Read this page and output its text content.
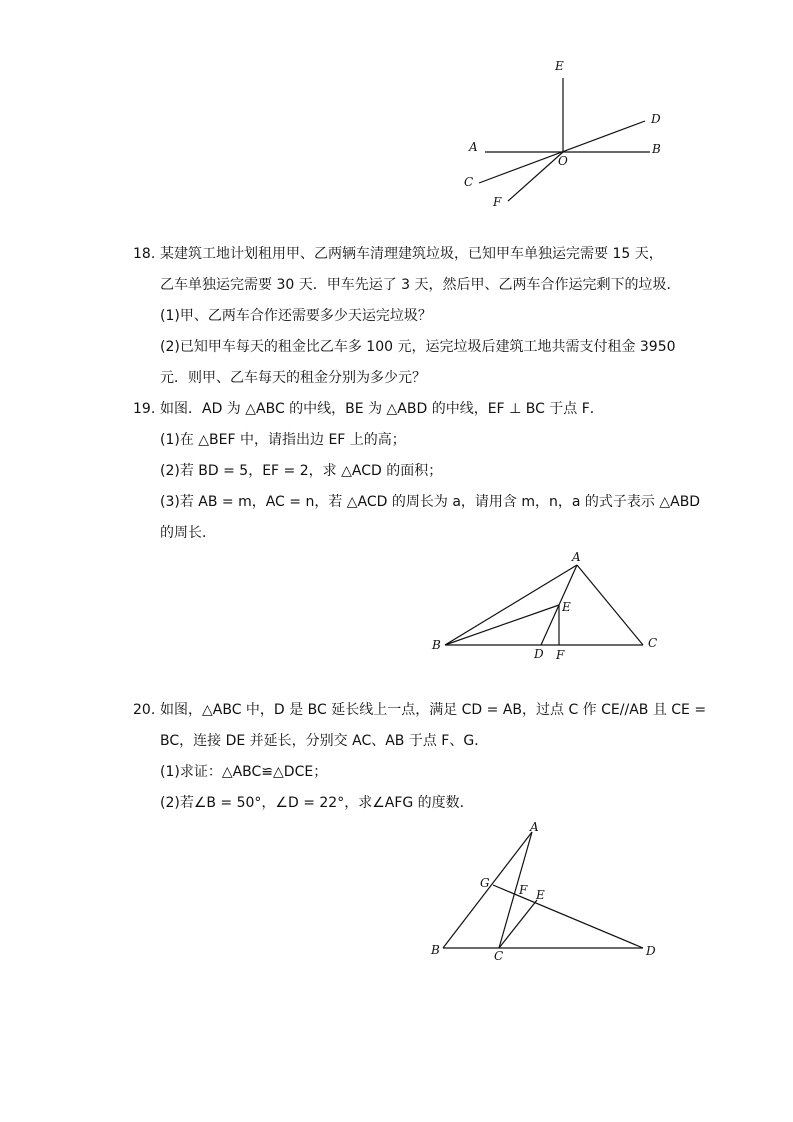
E
D
A
O
B
C
F
18. 某建筑工地计划租用甲、乙两辆车清理建筑垃圾，已知甲车单独运完需要 15 天，
乙车单独运完需要 30 天．甲车先运了 3 天，然后甲、乙两车合作运完剩下的垃圾．
(1)甲、乙两车合作还需要多少天运完垃圾？
(2)已知甲车每天的租金比乙车多 100 元，运完垃圾后建筑工地共需支付租金 3950
元．则甲、乙车每天的租金分别为多少元？
19. 如图．AD 为 △ABC 的中线，BE 为 △ABD 的中线，EF ⊥ BC 于点 F．
(1)在 △BEF 中，请指出边 EF 上的高；
(2)若 BD = 5，EF = 2，求 △ACD 的面积；
(3)若 AB = m，AC = n，若 △ACD 的周长为 a，请用含 m，n，a 的式子表示 △ABD
的周长．
A
E
B	C
D F
20. 如图，△ABC 中，D 是 BC 延长线上一点，满足 CD = AB，过点 C 作 CE//AB 且 CE =
BC，连接 DE 并延长，分别交 AC、AB 于点 F、G．
(1)求证：△ABC≌△DCE；
(2)若∠B = 50°，∠D = 22°，求∠AFG 的度数．
A
G F E
B	C	D
